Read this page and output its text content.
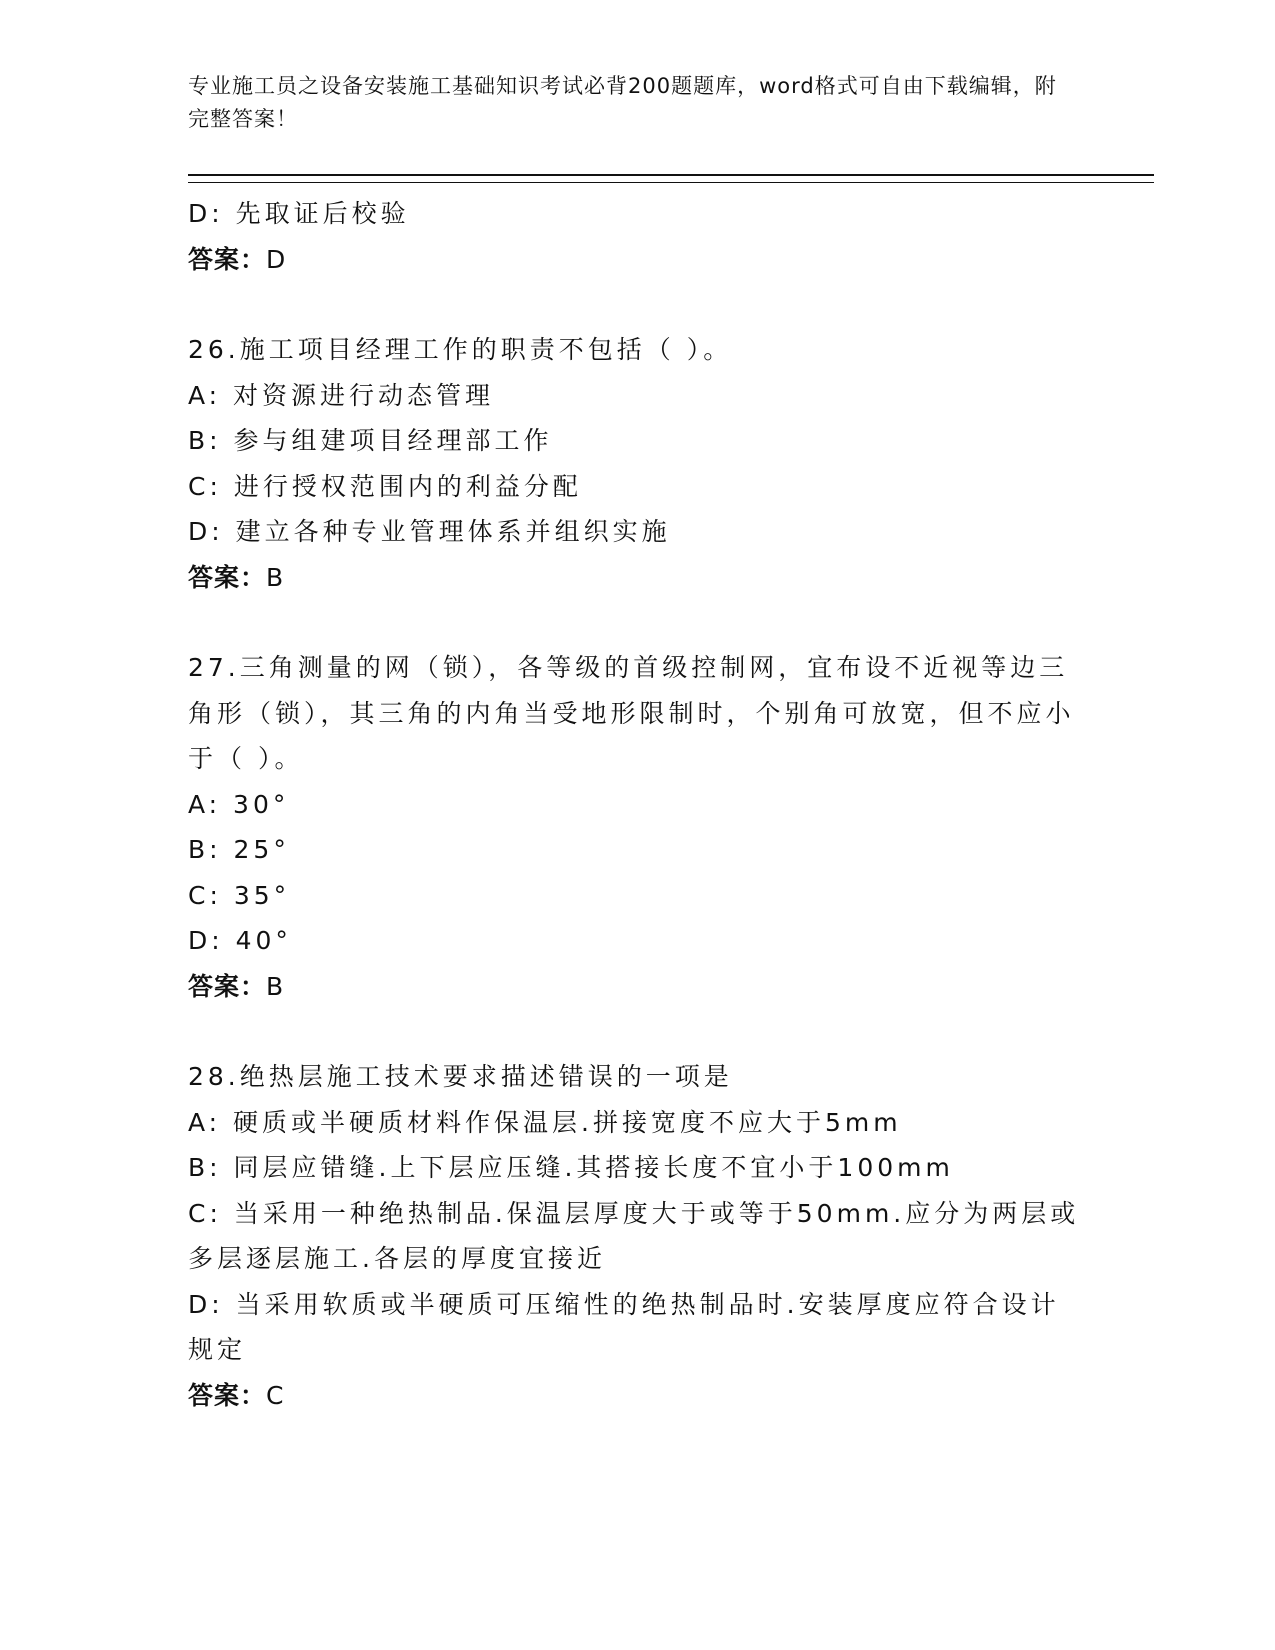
专业施工员之设备安装施工基础知识考试必背200题题库，word格式可自由下载编辑，附完整答案！

D: 先取证后校验

答案：D

26.施工项目经理工作的职责不包括（ ）。

A: 对资源进行动态管理

B: 参与组建项目经理部工作

C: 进行授权范围内的利益分配

D: 建立各种专业管理体系并组织实施

答案：B

27.三角测量的网（锁），各等级的首级控制网，宜布设不近视等边三角形（锁），其三角的内角当受地形限制时，个别角可放宽，但不应小于（ ）。

A: 30°

B: 25°

C: 35°

D: 40°

答案：B

28.绝热层施工技术要求描述错误的一项是

A: 硬质或半硬质材料作保温层.拼接宽度不应大于5mm

B: 同层应错缝.上下层应压缝.其搭接长度不宜小于100mm

C: 当采用一种绝热制品.保温层厚度大于或等于50mm.应分为两层或多层逐层施工.各层的厚度宜接近

D: 当采用软质或半硬质可压缩性的绝热制品时.安装厚度应符合设计规定

答案：C
